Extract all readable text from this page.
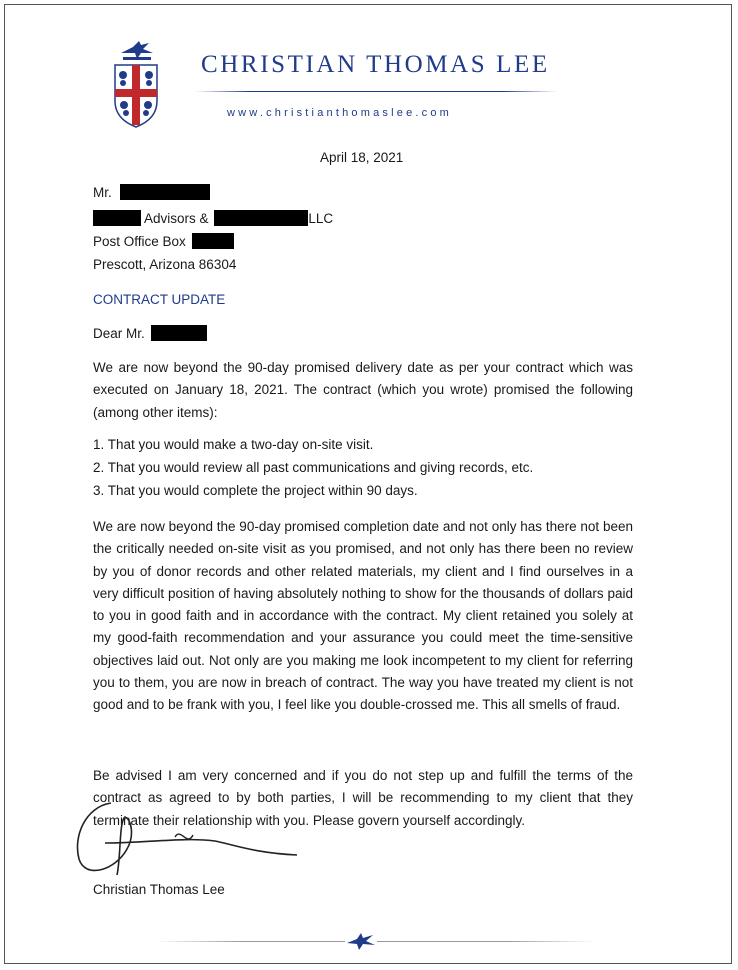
CHRISTIAN THOMAS LEE
www.christianthomaslee.com
April 18, 2021
Mr.
Advisors &	LLC
Post Office Box
Prescott, Arizona 86304
CONTRACT UPDATE
Dear Mr.

We are now beyond the 90-day promised delivery date as per your contract which was executed on January 18, 2021. The contract (which you wrote) promised the following (among other items):

1. That you would make a two-day on-site visit.
2. That you would review all past communications and giving records, etc.
3. That you would complete the project within 90 days.

We are now beyond the 90-day promised completion date and not only has there not been the critically needed on-site visit as you promised, and not only has there been no review by you of donor records and other related materials, my client and I find ourselves in a very difficult position of having absolutely nothing to show for the thousands of dollars paid to you in good faith and in accordance with the contract. My client retained you solely at my good-faith recommendation and your assurance you could meet the time-sensitive objectives laid out. Not only are you making me look incompetent to my client for referring you to them, you are now in breach of contract. The way you have treated my client is not good and to be frank with you, I feel like you double-crossed me. This all smells of fraud.

Be advised I am very concerned and if you do not step up and fulfill the terms of the contract as agreed to by both parties, I will be recommending to my client that they terminate their relationship with you. Please govern yourself accordingly.

Christian Thomas Lee
